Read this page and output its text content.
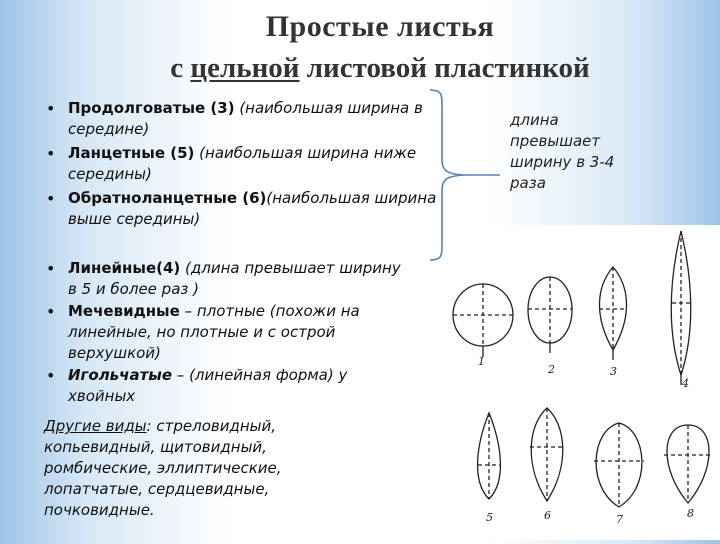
Простые листья
с цельной листовой пластинкой
• Продолговатые (3) (наибольшая ширина в середине)
• Ланцетные (5) (наибольшая ширина ниже середины)
• Обратноланцетные (6)(наибольшая ширина выше середины)
длина превышает ширину в 3-4 раза
• Линейные(4) (длина превышает ширину в 5 и более раз )
• Мечевидные – плотные (похожи на линейные, но плотные и с острой верхушкой)
• Игольчатые – (линейная форма) у хвойных
Другие виды: стреловидный, копьевидный, щитовидный, ромбические, эллиптические, лопатчатые, сердцевидные, почковидные.
1
2	3
4
5	6	7	8
